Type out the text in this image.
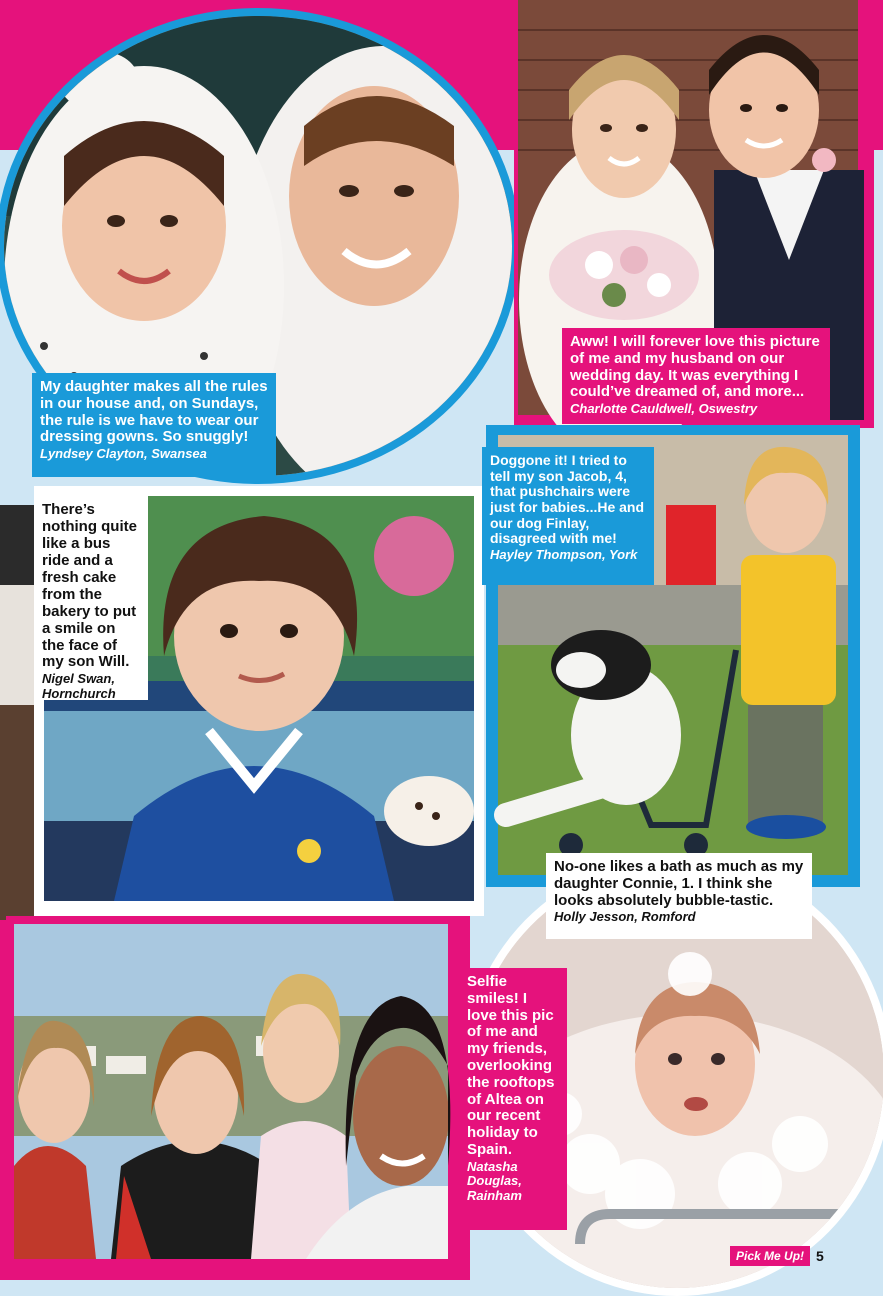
My daughter makes all the rules in our house and, on Sundays, the rule is we have to wear our dressing gowns. So snuggly!
Lyndsey Clayton, Swansea
Aww! I will forever love this picture of me and my husband on our wedding day. It was everything I could’ve dreamed of, and more...
Charlotte Cauldwell, Oswestry
There’s nothing quite like a bus ride and a fresh cake from the bakery to put a smile on the face of my son Will.
Nigel Swan, Hornchurch
Doggone it! I tried to tell my son Jacob, 4, that pushchairs were just for babies...He and our dog Finlay, disagreed with me!
Hayley Thompson, York
No-one likes a bath as much as my daughter Connie, 1. I think she looks absolutely bubble-tastic.
Holly Jesson, Romford
Selfie smiles! I love this pic of me and my friends, overlooking the rooftops of Altea on our recent holiday to Spain.
Natasha Douglas, Rainham
Pick Me Up! 5
